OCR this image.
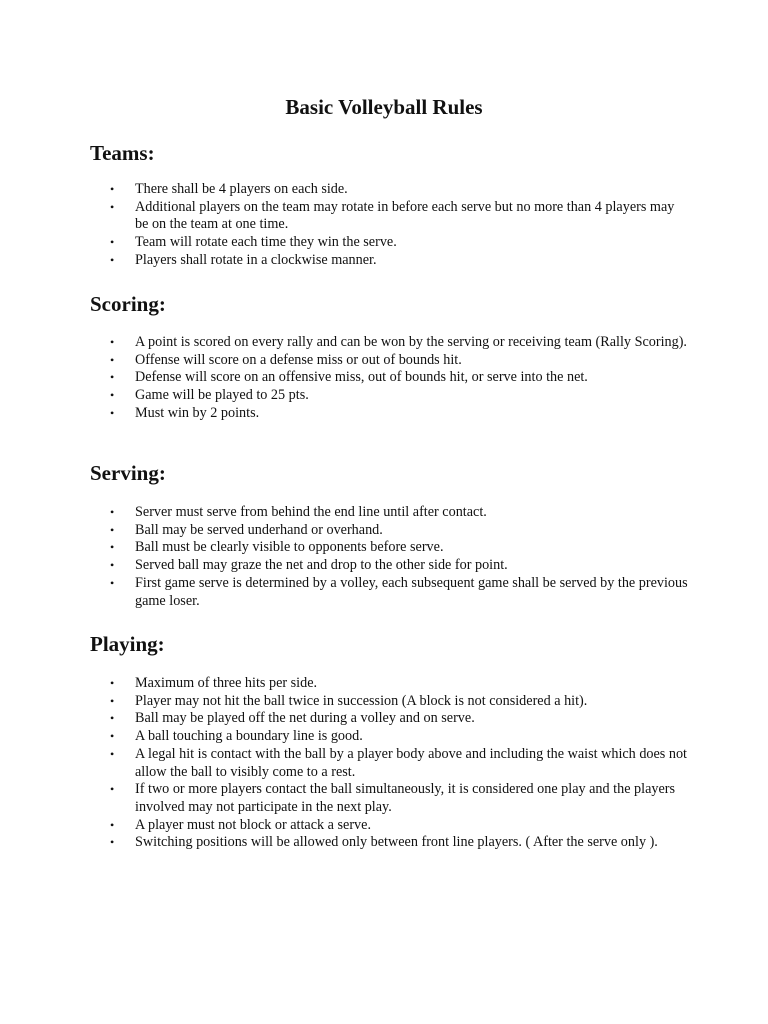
Basic Volleyball Rules
Teams:
• There shall be 4 players on each side.
• Additional players on the team may rotate in before each serve but no more than 4 players may be on the team at one time.
• Team will rotate each time they win the serve.
• Players shall rotate in a clockwise manner.
Scoring:
• A point is scored on every rally and can be won by the serving or receiving team (Rally Scoring).
• Offense will score on a defense miss or out of bounds hit.
• Defense will score on an offensive miss, out of bounds hit, or serve into the net.
• Game will be played to 25 pts.
• Must win by 2 points.
Serving:
• Server must serve from behind the end line until after contact.
• Ball may be served underhand or overhand.
• Ball must be clearly visible to opponents before serve.
• Served ball may graze the net and drop to the other side for point.
• First game serve is determined by a volley, each subsequent game shall be served by the previous game loser.
Playing:
• Maximum of three hits per side.
• Player may not hit the ball twice in succession (A block is not considered a hit).
• Ball may be played off the net during a volley and on serve.
• A ball touching a boundary line is good.
• A legal hit is contact with the ball by a player body above and including the waist which does not allow the ball to visibly come to a rest.
• If two or more players contact the ball simultaneously, it is considered one play and the players involved may not participate in the next play.
• A player must not block or attack a serve.
• Switching positions will be allowed only between front line players. ( After the serve only ).
